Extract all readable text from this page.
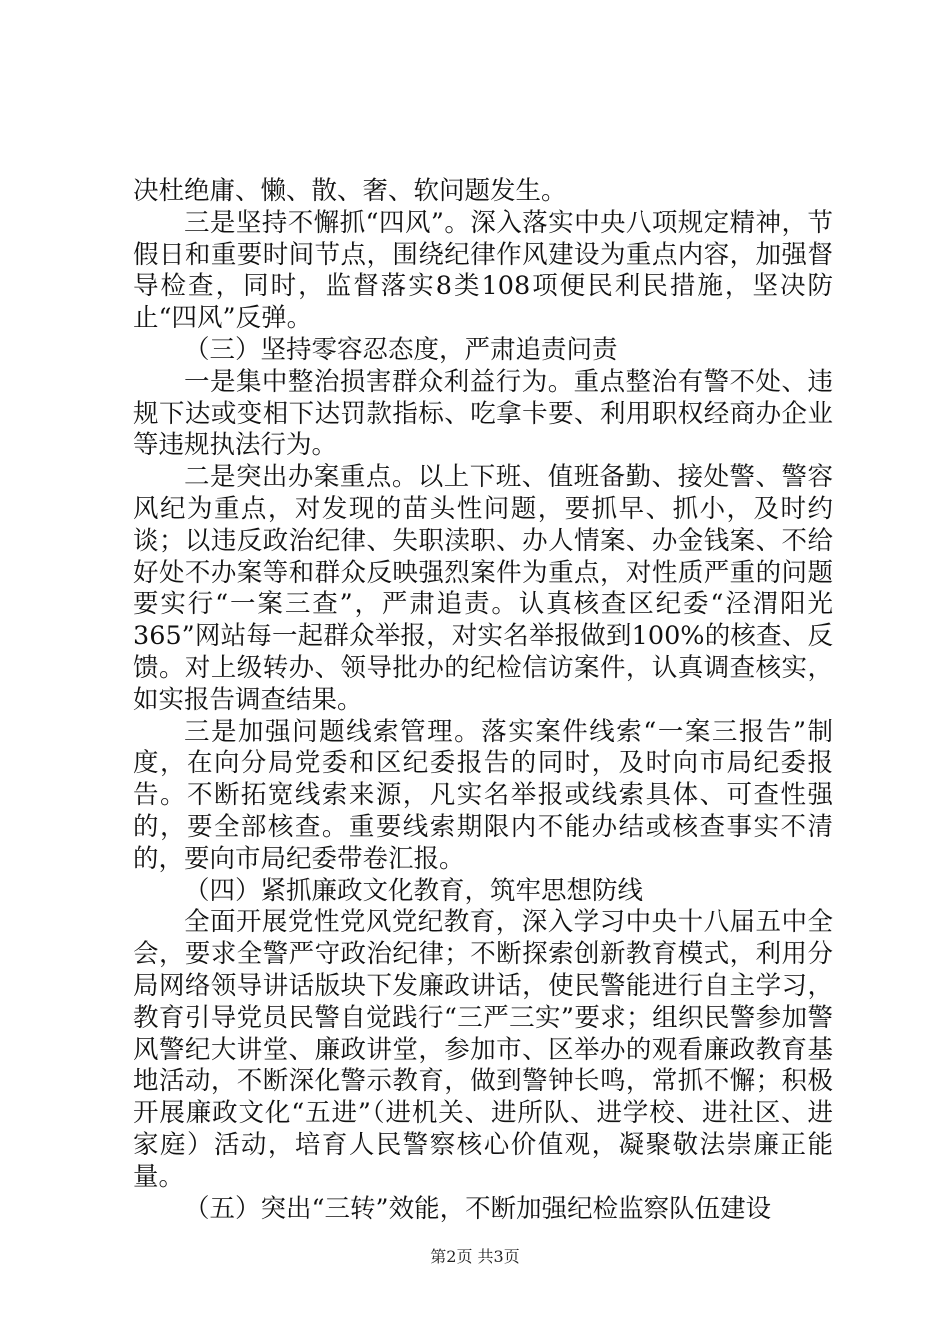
决杜绝庸、懒、散、奢、软问题发生。

三是坚持不懈抓“四风”。深入落实中央八项规定精神，节假日和重要时间节点，围绕纪律作风建设为重点内容，加强督导检查，同时，监督落实8类108项便民利民措施，坚决防止“四风”反弹。

（三）坚持零容忍态度，严肃追责问责

一是集中整治损害群众利益行为。重点整治有警不处、违规下达或变相下达罚款指标、吃拿卡要、利用职权经商办企业等违规执法行为。

二是突出办案重点。以上下班、值班备勤、接处警、警容风纪为重点，对发现的苗头性问题，要抓早、抓小，及时约谈；以违反政治纪律、失职渎职、办人情案、办金钱案、不给好处不办案等和群众反映强烈案件为重点，对性质严重的问题要实行“一案三查”，严肃追责。认真核查区纪委“泾渭阳光365”网站每一起群众举报，对实名举报做到100%的核查、反馈。对上级转办、领导批办的纪检信访案件，认真调查核实，如实报告调查结果。

三是加强问题线索管理。落实案件线索“一案三报告”制度，在向分局党委和区纪委报告的同时，及时向市局纪委报告。不断拓宽线索来源，凡实名举报或线索具体、可查性强的，要全部核查。重要线索期限内不能办结或核查事实不清的，要向市局纪委带卷汇报。

（四）紧抓廉政文化教育，筑牢思想防线

全面开展党性党风党纪教育，深入学习中央十八届五中全会，要求全警严守政治纪律；不断探索创新教育模式，利用分局网络领导讲话版块下发廉政讲话，使民警能进行自主学习，教育引导党员民警自觉践行“三严三实”要求；组织民警参加警风警纪大讲堂、廉政讲堂，参加市、区举办的观看廉政教育基地活动，不断深化警示教育，做到警钟长鸣，常抓不懈；积极开展廉政文化“五进”（进机关、进所队、进学校、进社区、进家庭）活动，培育人民警察核心价值观，凝聚敬法崇廉正能量。

（五）突出“三转”效能，不断加强纪检监察队伍建设

第2页 共3页
